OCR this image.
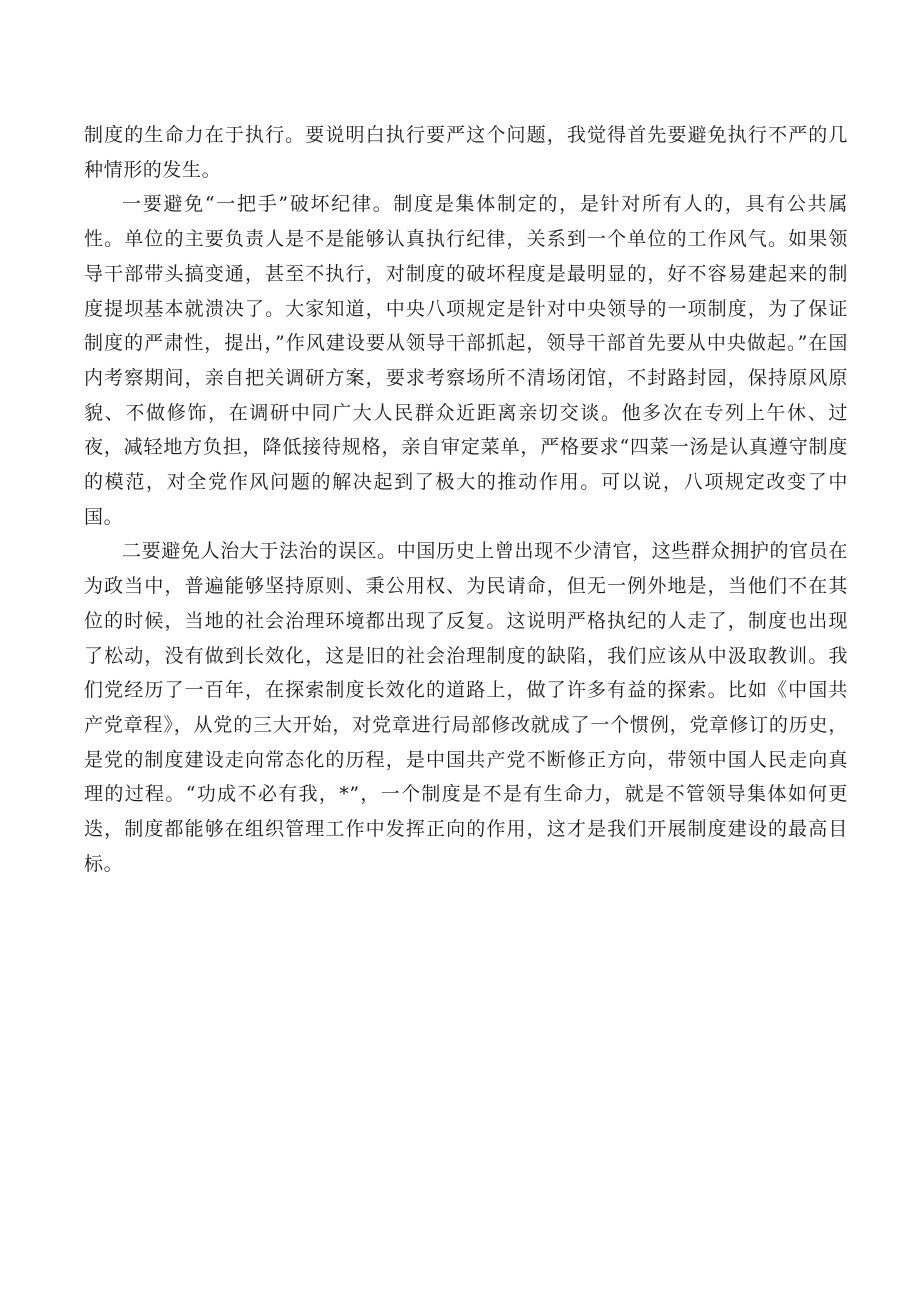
制度的生命力在于执行。要说明白执行要严这个问题，我觉得首先要避免执行不严的几种情形的发生。

一要避免“一把手”破坏纪律。制度是集体制定的，是针对所有人的，具有公共属性。单位的主要负责人是不是能够认真执行纪律，关系到一个单位的工作风气。如果领导干部带头搞变通，甚至不执行，对制度的破坏程度是最明显的，好不容易建起来的制度提坝基本就溃决了。大家知道，中央八项规定是针对中央领导的一项制度，为了保证制度的严肃性，提出，”作风建设要从领导干部抓起，领导干部首先要从中央做起。”在国内考察期间，亲自把关调研方案，要求考察场所不清场闭馆，不封路封园，保持原风原貌、不做修饰，在调研中同广大人民群众近距离亲切交谈。他多次在专列上午休、过夜，减轻地方负担，降低接待规格，亲自审定菜单，严格要求“四菜一汤是认真遵守制度的模范，对全党作风问题的解决起到了极大的推动作用。可以说，八项规定改变了中国。

二要避免人治大于法治的误区。中国历史上曾出现不少清官，这些群众拥护的官员在为政当中，普遍能够坚持原则、秉公用权、为民请命，但无一例外地是，当他们不在其位的时候，当地的社会治理环境都出现了反复。这说明严格执纪的人走了，制度也出现了松动，没有做到长效化，这是旧的社会治理制度的缺陷，我们应该从中汲取教训。我们党经历了一百年，在探索制度长效化的道路上，做了许多有益的探索。比如《中国共产党章程》，从党的三大开始，对党章进行局部修改就成了一个惯例，党章修订的历史，是党的制度建设走向常态化的历程，是中国共产党不断修正方向，带领中国人民走向真理的过程。“功成不必有我，*”，一个制度是不是有生命力，就是不管领导集体如何更迭，制度都能够在组织管理工作中发挥正向的作用，这才是我们开展制度建设的最高目标。
